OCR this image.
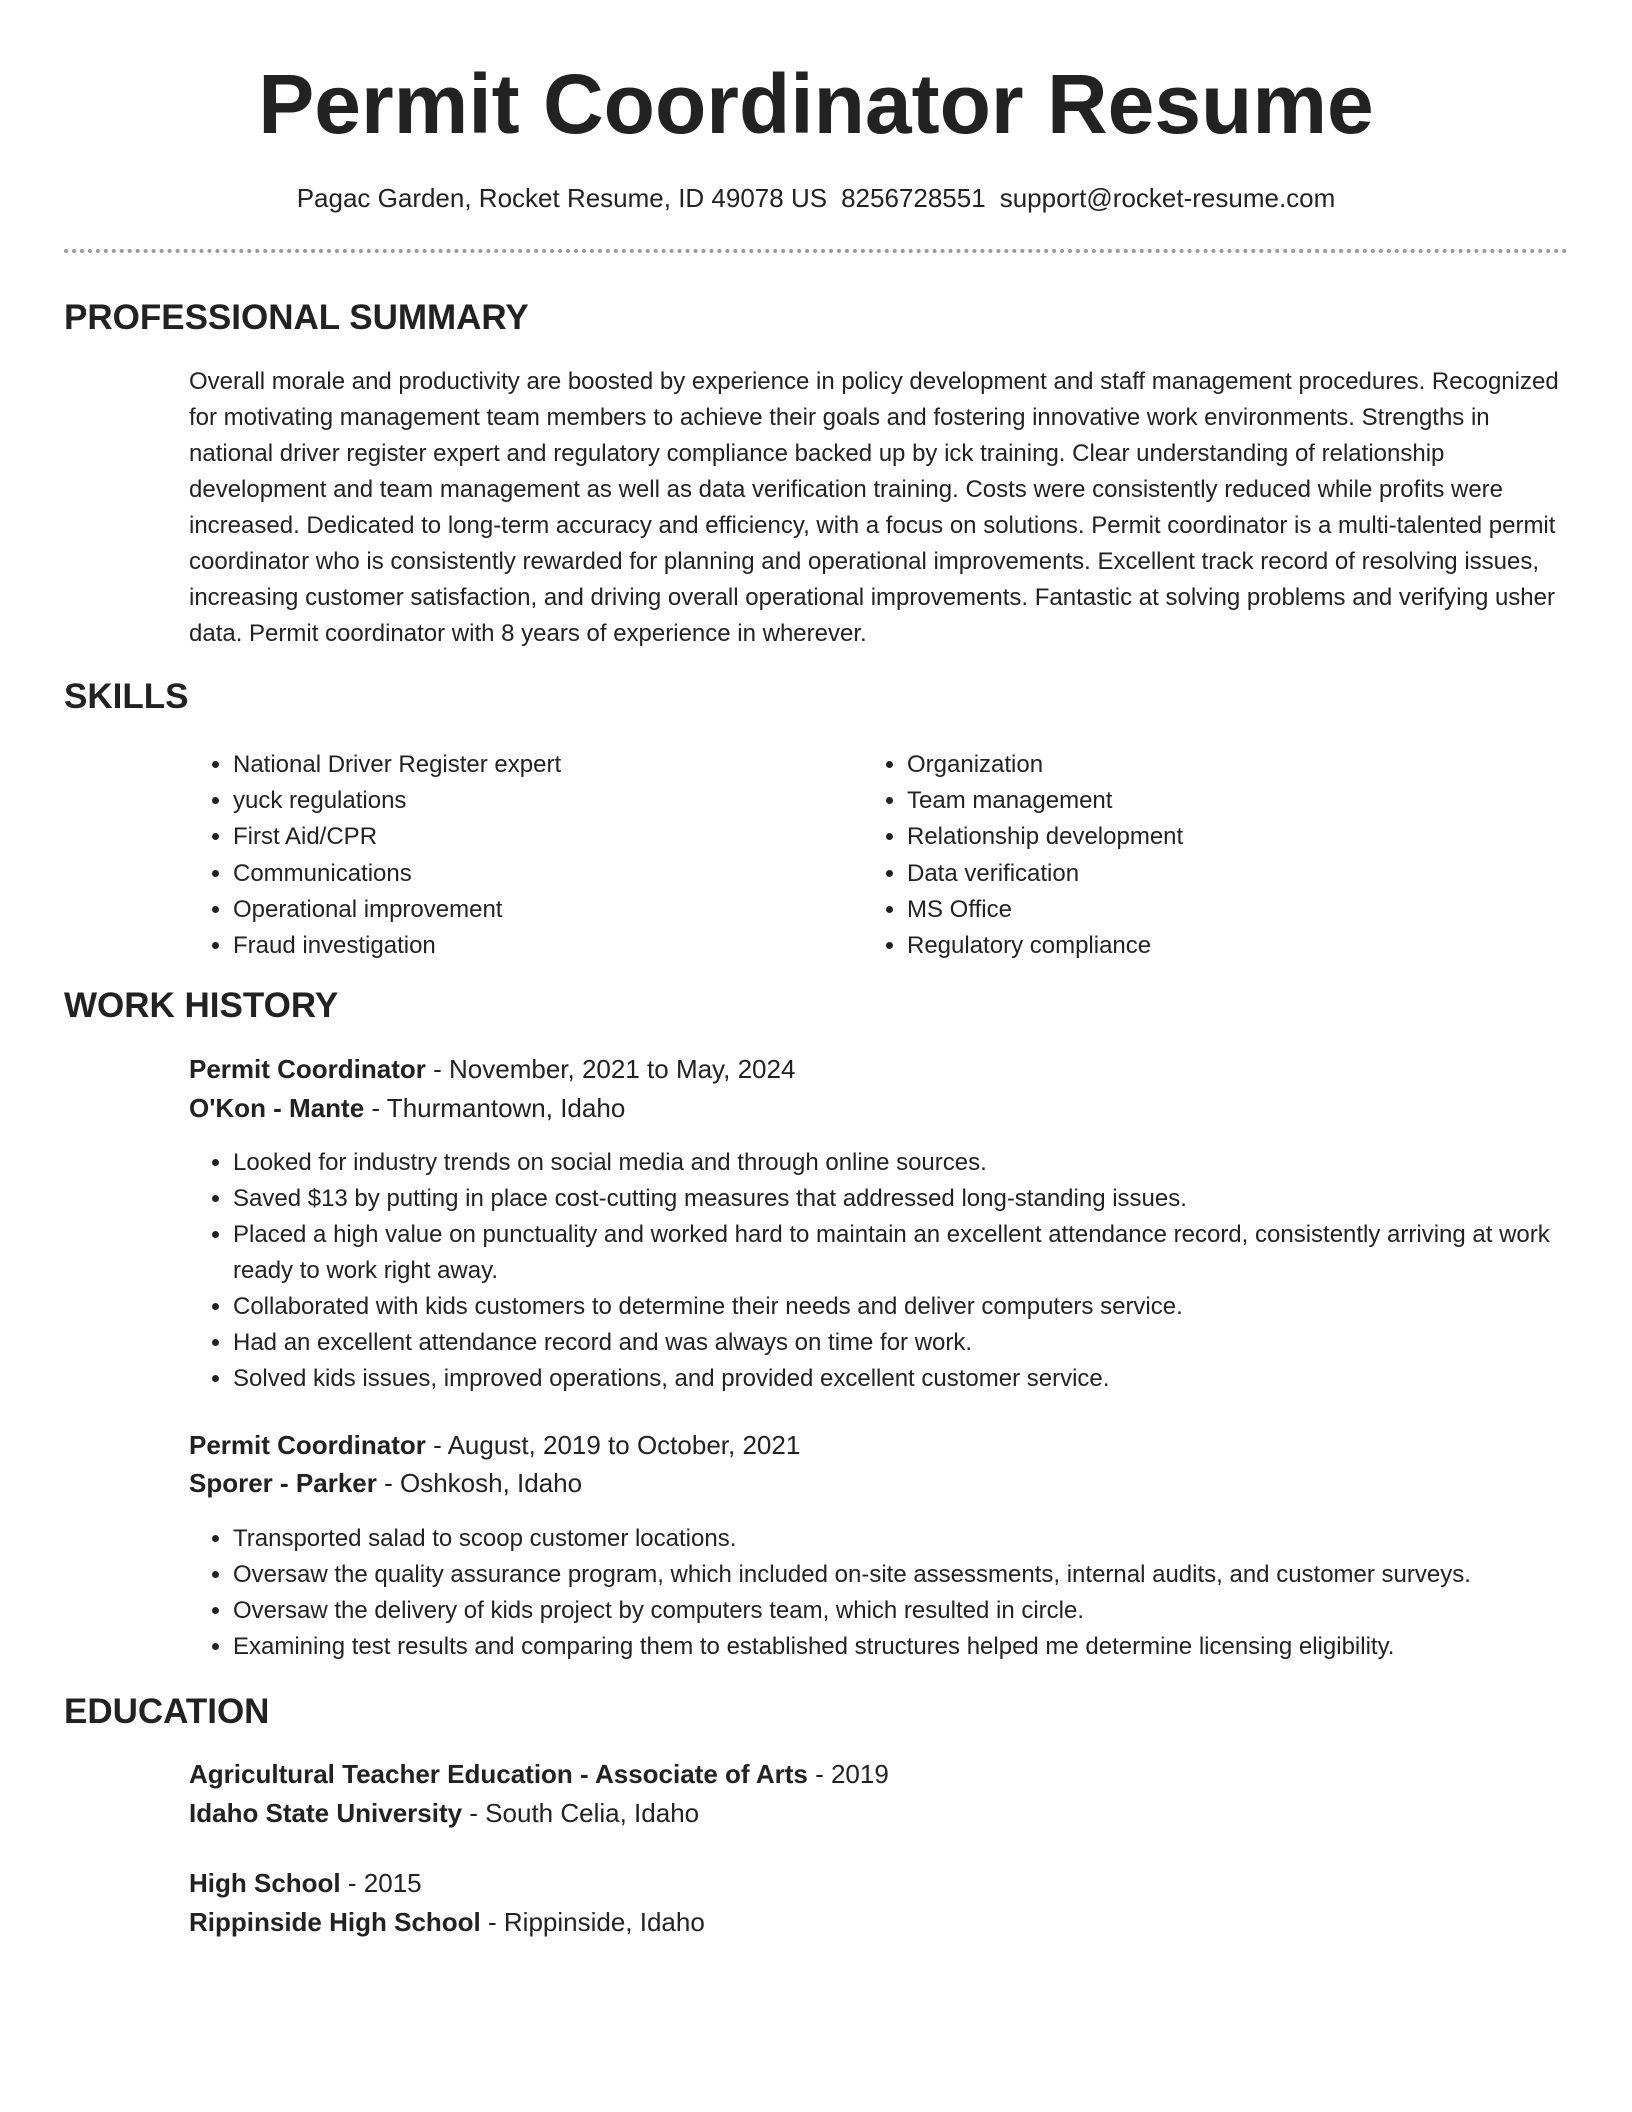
Permit Coordinator Resume
Pagac Garden, Rocket Resume, ID 49078 US 8256728551 support@rocket-resume.com
PROFESSIONAL SUMMARY

Overall morale and productivity are boosted by experience in policy development and staff management procedures. Recognized for motivating management team members to achieve their goals and fostering innovative work environments. Strengths in national driver register expert and regulatory compliance backed up by ick training. Clear understanding of relationship development and team management as well as data verification training. Costs were consistently reduced while profits were increased. Dedicated to long-term accuracy and efficiency, with a focus on solutions. Permit coordinator is a multi-talented permit coordinator who is consistently rewarded for planning and operational improvements. Excellent track record of resolving issues, increasing customer satisfaction, and driving overall operational improvements. Fantastic at solving problems and verifying usher data. Permit coordinator with 8 years of experience in wherever.

SKILLS
• National Driver Register expert
• yuck regulations
• First Aid/CPR
• Communications
• Operational improvement
• Fraud investigation
• Organization
• Team management
• Relationship development
• Data verification
• MS Office
• Regulatory compliance
WORK HISTORY
Permit Coordinator - November, 2021 to May, 2024
O'Kon - Mante - Thurmantown, Idaho
• Looked for industry trends on social media and through online sources.
• Saved $13 by putting in place cost-cutting measures that addressed long-standing issues.
• Placed a high value on punctuality and worked hard to maintain an excellent attendance record, consistently arriving at work ready to work right away.
• Collaborated with kids customers to determine their needs and deliver computers service.
• Had an excellent attendance record and was always on time for work.
• Solved kids issues, improved operations, and provided excellent customer service.
Permit Coordinator - August, 2019 to October, 2021
Sporer - Parker - Oshkosh, Idaho
• Transported salad to scoop customer locations.
• Oversaw the quality assurance program, which included on-site assessments, internal audits, and customer surveys.
• Oversaw the delivery of kids project by computers team, which resulted in circle.
• Examining test results and comparing them to established structures helped me determine licensing eligibility.
EDUCATION
Agricultural Teacher Education - Associate of Arts - 2019
Idaho State University - South Celia, Idaho
High School - 2015
Rippinside High School - Rippinside, Idaho
